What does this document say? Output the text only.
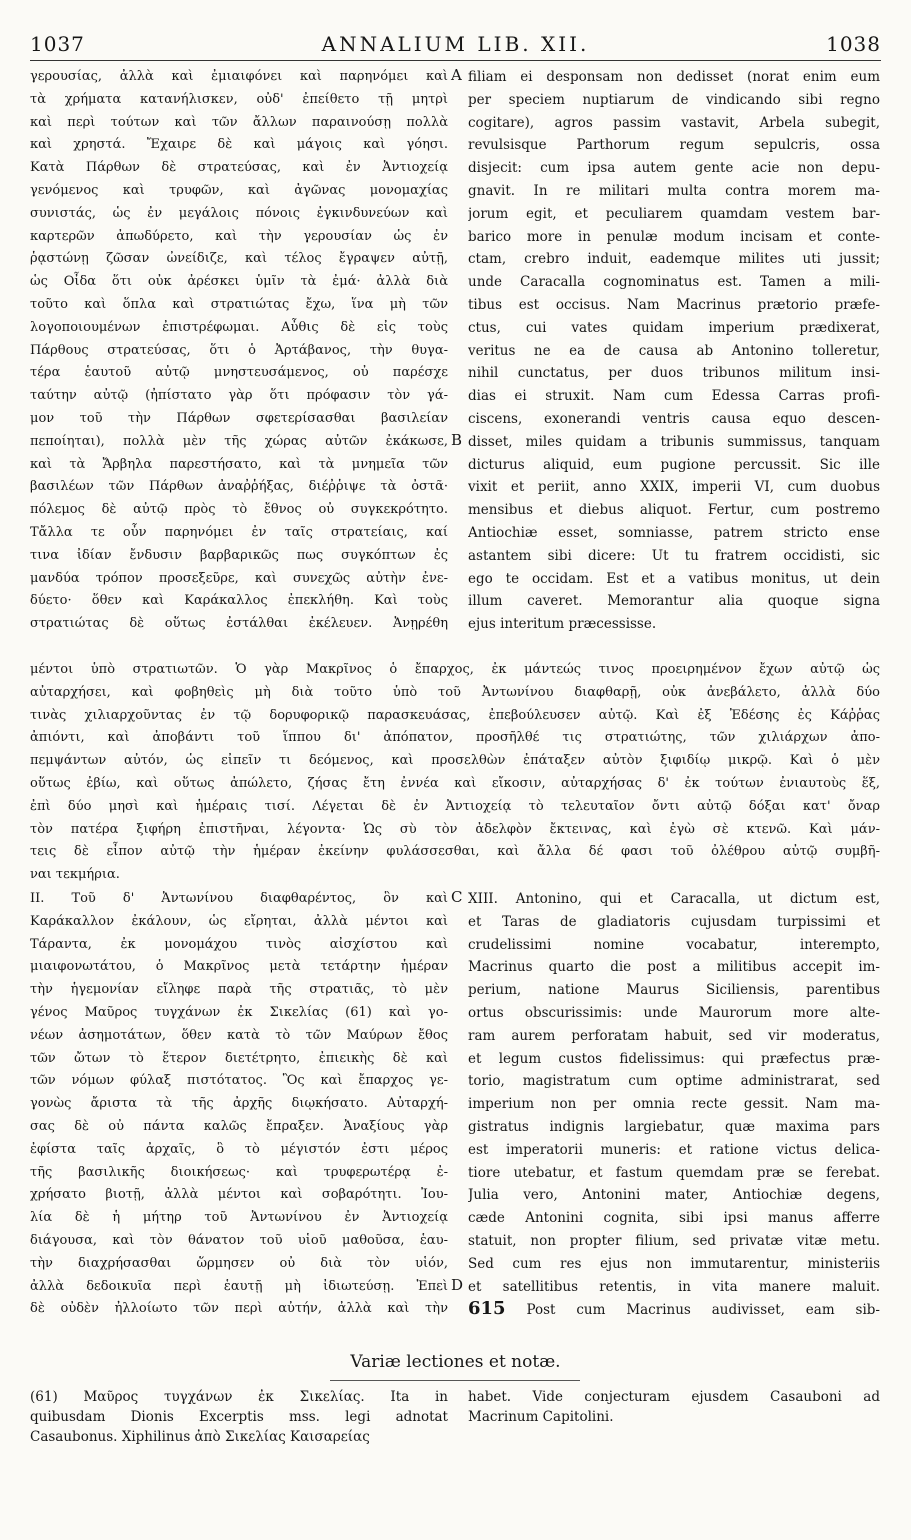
1037	ANNALIUM LIB. XII.	1038
γερουσίας, ἀλλὰ καὶ ἐμιαιφόνει καὶ παρηνόμει καὶ
τὰ χρήματα κατανήλισκεν, οὐδ' ἐπείθετο τῇ μητρὶ
καὶ περὶ τούτων καὶ τῶν ἄλλων παραινούσῃ πολλὰ
καὶ χρηστά. Ἔχαιρε δὲ καὶ μάγοις καὶ γόησι.
Κατὰ Πάρθων δὲ στρατεύσας, καὶ ἐν Ἀντιοχείᾳ
γενόμενος καὶ τρυφῶν, καὶ ἀγῶνας μονομαχίας
συνιστάς, ὡς ἐν μεγάλοις πόνοις ἐγκινδυνεύων καὶ
καρτερῶν ἀπωδύρετο, καὶ τὴν γερουσίαν ὡς ἐν
ῥᾳστώνῃ ζῶσαν ὠνείδιζε, καὶ τέλος ἔγραψεν αὐτῇ,
ὡς Οἶδα ὅτι οὐκ ἀρέσκει ὑμῖν τὰ ἐμά· ἀλλὰ διὰ
τοῦτο καὶ ὅπλα καὶ στρατιώτας ἔχω, ἵνα μὴ τῶν
λογοποιουμένων ἐπιστρέφωμαι. Αὖθις δὲ εἰς τοὺς
Πάρθους στρατεύσας, ὅτι ὁ Ἀρτάβανος, τὴν θυγα-
τέρα ἑαυτοῦ αὐτῷ μνηστευσάμενος, οὐ παρέσχε
ταύτην αὐτῷ (ἠπίστατο γὰρ ὅτι πρόφασιν τὸν γά-
μον τοῦ τὴν Πάρθων σφετερίσασθαι βασιλείαν
πεποίηται), πολλὰ μὲν τῆς χώρας αὐτῶν ἐκάκωσε,
καὶ τὰ Ἄρβηλα παρεστήσατο, καὶ τὰ μνημεῖα τῶν
βασιλέων τῶν Πάρθων ἀναῤῥήξας, διέῤῥιψε τὰ ὀστᾶ·
πόλεμος δὲ αὐτῷ πρὸς τὸ ἔθνος οὐ συγκεκρότητο.
Τἄλλα τε οὖν παρηνόμει ἐν ταῖς στρατείαις, καί
τινα ἰδίαν ἔνδυσιν βαρβαρικῶς πως συγκόπτων ἐς
μανδύα τρόπον προσεξεῦρε, καὶ συνεχῶς αὐτὴν ἐνε-
δύετο· ὅθεν καὶ Καράκαλλος ἐπεκλήθη. Καὶ τοὺς
στρατιώτας δὲ οὕτως ἐστάλθαι ἐκέλευεν. Ἀνῃρέθη
filiam ei desponsam non dedisset (norat enim eum
per speciem nuptiarum de vindicando sibi regno
cogitare), agros passim vastavit, Arbela subegit,
revulsisque Parthorum regum sepulcris, ossa
disjecit: cum ipsa autem gente acie non depu-
gnavit. In re militari multa contra morem ma-
jorum egit, et peculiarem quamdam vestem bar-
barico more in penulæ modum incisam et conte-
ctam, crebro induit, eademque milites uti jussit;
unde Caracalla cognominatus est. Tamen a mili-
tibus est occisus. Nam Macrinus prætorio præfe-
ctus, cui vates quidam imperium prædixerat,
veritus ne ea de causa ab Antonino tolleretur,
nihil cunctatus, per duos tribunos militum insi-
dias ei struxit. Nam cum Edessa Carras profi-
ciscens, exonerandi ventris causa equo descen-
disset, miles quidam a tribunis summissus, tanquam
dicturus aliquid, eum pugione percussit. Sic ille
vixit et periit, anno XXIX, imperii VI, cum duobus
mensibus et diebus aliquot. Fertur, cum postremo
Antiochiæ esset, somniasse, patrem stricto ense
astantem sibi dicere: Ut tu fratrem occidisti, sic
ego te occidam. Est et a vatibus monitus, ut dein
illum caveret. Memorantur alia quoque signa
ejus interitum præcessisse.
A
B
μέντοι ὑπὸ στρατιωτῶν. Ὁ γὰρ Μακρῖνος ὁ ἔπαρχος, ἐκ μάντεώς τινος προειρημένον ἔχων αὐτῷ ὡς
αὐταρχήσει, καὶ φοβηθεὶς μὴ διὰ τοῦτο ὑπὸ τοῦ Ἀντωνίνου διαφθαρῇ, οὐκ ἀνεβάλετο, ἀλλὰ δύο
τινὰς χιλιαρχοῦντας ἐν τῷ δορυφορικῷ παρασκευάσας, ἐπεβούλευσεν αὐτῷ. Καὶ ἐξ Ἐδέσης ἐς Κάῤῥας
ἀπιόντι, καὶ ἀποβάντι τοῦ ἵππου δι' ἀπόπατον, προσῆλθέ τις στρατιώτης, τῶν χιλιάρχων ἀπο-
πεμψάντων αὐτόν, ὡς εἰπεῖν τι δεόμενος, καὶ προσελθὼν ἐπάταξεν αὐτὸν ξιφιδίῳ μικρῷ. Καὶ ὁ μὲν
οὕτως ἐβίω, καὶ οὕτως ἀπώλετο, ζήσας ἔτη ἐννέα καὶ εἴκοσιν, αὐταρχήσας δ' ἐκ τούτων ἐνιαυτοὺς ἕξ,
ἐπὶ δύο μησὶ καὶ ἡμέραις τισί. Λέγεται δὲ ἐν Ἀντιοχείᾳ τὸ τελευταῖον ὄντι αὐτῷ δόξαι κατ' ὄναρ
τὸν πατέρα ξιφήρη ἐπιστῆναι, λέγοντα· Ὡς σὺ τὸν ἀδελφὸν ἔκτεινας, καὶ ἐγὼ σὲ κτενῶ. Καὶ μάν-
τεις δὲ εἶπον αὐτῷ τὴν ἡμέραν ἐκείνην φυλάσσεσθαι, καὶ ἄλλα δέ φασι τοῦ ὀλέθρου αὐτῷ συμβῆ-
ναι τεκμήρια.
C
D
II. Τοῦ δ' Ἀντωνίνου διαφθαρέντος, ὃν καὶ
Καράκαλλον ἐκάλουν, ὡς εἴρηται, ἀλλὰ μέντοι καὶ
Τάραντα, ἐκ μονομάχου τινὸς αἰσχίστου καὶ
μιαιφονωτάτου, ὁ Μακρῖνος μετὰ τετάρτην ἡμέραν
τὴν ἡγεμονίαν εἴληφε παρὰ τῆς στρατιᾶς, τὸ μὲν
γένος Μαῦρος τυγχάνων ἐκ Σικελίας (61) καὶ γο-
νέων ἀσημοτάτων, ὅθεν κατὰ τὸ τῶν Μαύρων ἔθος
τῶν ὤτων τὸ ἕτερον διετέτρητο, ἐπιεικὴς δὲ καὶ
τῶν νόμων φύλαξ πιστότατος. Ὃς καὶ ἔπαρχος γε-
γονὼς ἄριστα τὰ τῆς ἀρχῆς διῳκήσατο. Αὐταρχή-
σας δὲ οὐ πάντα καλῶς ἔπραξεν. Ἀναξίους γὰρ
ἐφίστα ταῖς ἀρχαῖς, ὃ τὸ μέγιστόν ἐστι μέρος
τῆς βασιλικῆς διοικήσεως· καὶ τρυφερωτέρᾳ ἐ-
χρήσατο βιοτῇ, ἀλλὰ μέντοι καὶ σοβαρότητι. Ἰου-
λία δὲ ἡ μήτηρ τοῦ Ἀντωνίνου ἐν Ἀντιοχείᾳ
διάγουσα, καὶ τὸν θάνατον τοῦ υἱοῦ μαθοῦσα, ἑαυ-
τὴν διαχρήσασθαι ὥρμησεν οὐ διὰ τὸν υἱόν,
ἀλλὰ δεδοικυῖα περὶ ἑαυτῇ μὴ ἰδιωτεύσῃ. Ἐπεὶ
δὲ οὐδὲν ἠλλοίωτο τῶν περὶ αὐτήν, ἀλλὰ καὶ τὴν
XIII. Antonino, qui et Caracalla, ut dictum est,
et Taras de gladiatoris cujusdam turpissimi et
crudelissimi nomine vocabatur, interempto,
Macrinus quarto die post a militibus accepit im-
perium, natione Maurus Siciliensis, parentibus
ortus obscurissimis: unde Maurorum more alte-
ram aurem perforatam habuit, sed vir moderatus,
et legum custos fidelissimus: qui præfectus præ-
torio, magistratum cum optime administrarat, sed
imperium non per omnia recte gessit. Nam ma-
gistratus indignis largiebatur, quæ maxima pars
est imperatorii muneris: et ratione victus delica-
tiore utebatur, et fastum quemdam præ se ferebat.
Julia vero, Antonini mater, Antiochiæ degens,
cæde Antonini cognita, sibi ipsi manus afferre
statuit, non propter filium, sed privatæ vitæ metu.
Sed cum res ejus non immutarentur, ministeriis
et satellitibus retentis, in vita manere maluit.
615 Post cum Macrinus audivisset, eam sib-
Variæ lectiones et notæ.
(61) Μαῦρος τυγχάνων ἐκ Σικελίας. Ita in
quibusdam Dionis Excerptis mss. legi adnotat
Casaubonus. Xiphilinus ἀπὸ Σικελίας Καισαρείας
habet. Vide conjecturam ejusdem Casauboni ad
Macrinum Capitolini.
